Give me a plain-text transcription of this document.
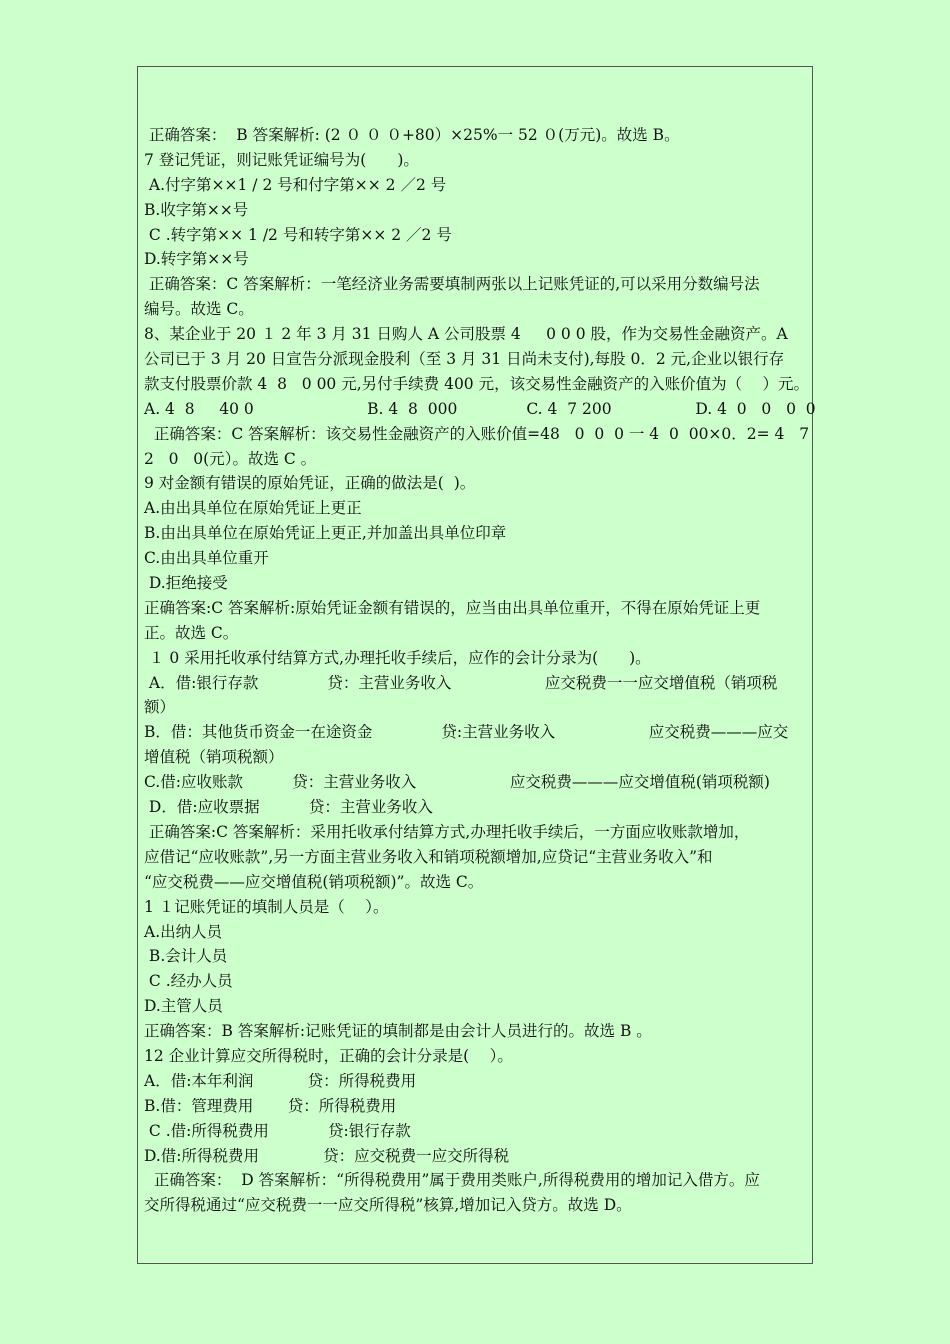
正确答案：  B 答案解析: (2 ０ ０ ０+80）×25%一 52 ０(万元)。故选 B。
7 登记凭证，则记账凭证编号为(　　)。
A.付字第××1 / 2 号和付字第×× 2 ／2 号
B.收字第××号
C .转字第×× 1 /2 号和转字第×× 2 ／2 号
D.转字第××号
正确答案：C 答案解析：一笔经济业务需要填制两张以上记账凭证的,可以采用分数编号法
编号。故选 C。
8、某企业于 20 １ 2 年 3 月 31 日购人 A 公司股票 4 　 0 0 0 股，作为交易性金融资产。A
公司已于 3 月 20 日宣告分派现金股利（至 3 月 31 日尚未支付),每股 0．2 元,企业以银行存
款支付股票价款 4  8   0 00 元,另付手续费 400 元，该交易性金融资产的入账价值为（　 ）元。
A. 4  8     40 0                       B. 4  8  000              C. 4  7 200                 D. 4  0   0   0  0
正确答案：C 答案解析：该交易性金融资产的入账价值=48   0  0  0 一 4  0  00×0．2= 4   7
2   0   0(元）。故选 C 。
9 对金额有错误的原始凭证，正确的做法是(  )。
A.由出具单位在原始凭证上更正
B.由出具单位在原始凭证上更正,并加盖出具单位印章
C.由出具单位重开
D.拒绝接受
正确答案:C 答案解析:原始凭证金额有错误的，应当由出具单位重开，不得在原始凭证上更
正。故选 C。
１ 0 采用托收承付结算方式,办理托收手续后，应作的会计分录为(　　)。
A．借:银行存款              贷：主营业务收入                   应交税费一一应交增值税（销项税
额）
B．借：其他货币资金一在途资金              贷:主营业务收入                   应交税费———应交
增值税（销项税额）
C.借:应收账款          贷：主营业务收入                   应交税费———应交增值税(销项税额)
D．借:应收票据          贷：主营业务收入
正确答案:C 答案解析：采用托收承付结算方式,办理托收手续后，一方面应收账款增加，
应借记“应收账款”,另一方面主营业务收入和销项税额增加,应贷记“主营业务收入”和
“应交税费——应交增值税(销项税额)”。故选 C。
1 １记账凭证的填制人员是（　 ）。
A.出纳人员
B.会计人员
C .经办人员
D.主管人员
正确答案：B 答案解析:记账凭证的填制都是由会计人员进行的。故选 B 。
12 企业计算应交所得税时，正确的会计分录是(　 ）。
A．借:本年利润           贷：所得税费用
B.借：管理费用       贷：所得税费用
C .借:所得税费用            贷:银行存款
D.借:所得税费用             贷：应交税费一应交所得税
正确答案：  D 答案解析：“所得税费用”属于费用类账户,所得税费用的增加记入借方。应
交所得税通过“应交税费一一应交所得税”核算,增加记入贷方。故选 D。
